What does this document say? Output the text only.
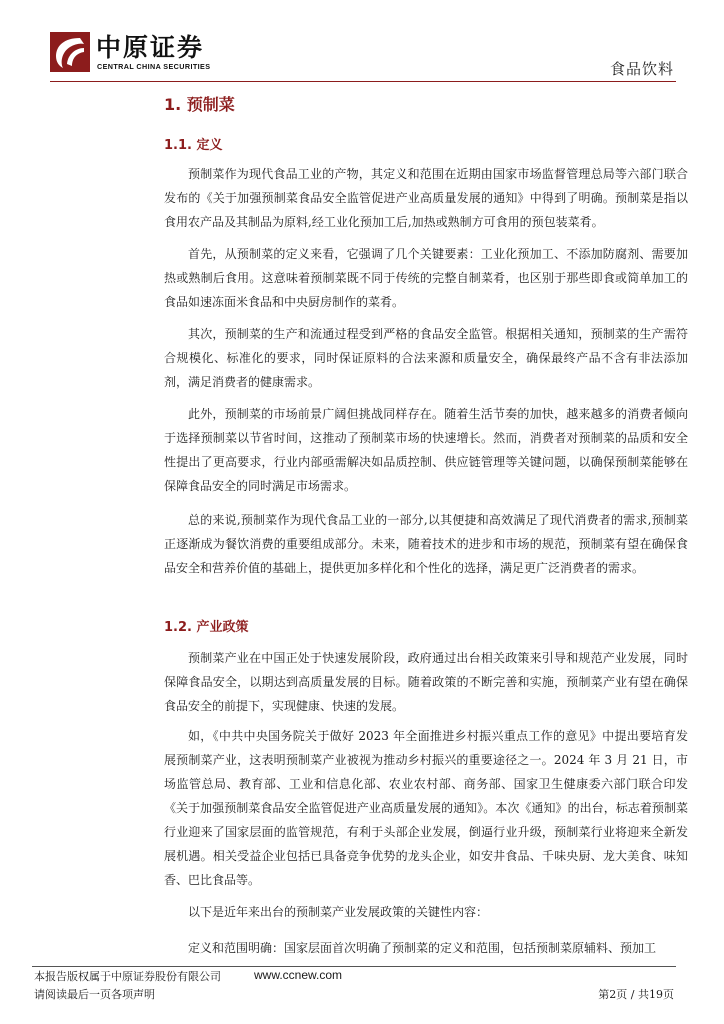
中原证券
CENTRAL CHINA SECURITIES	食品饮料
1. 预制菜
1.1. 定义

预制菜作为现代食品工业的产物，其定义和范围在近期由国家市场监督管理总局等六部门联合发布的《关于加强预制菜食品安全监管促进产业高质量发展的通知》中得到了明确。预制菜是指以食用农产品及其制品为原料,经工业化预加工后,加热或熟制方可食用的预包装菜肴。

首先，从预制菜的定义来看，它强调了几个关键要素：工业化预加工、不添加防腐剂、需要加热或熟制后食用。这意味着预制菜既不同于传统的完整自制菜肴，也区别于那些即食或简单加工的食品如速冻面米食品和中央厨房制作的菜肴。

其次，预制菜的生产和流通过程受到严格的食品安全监管。根据相关通知，预制菜的生产需符合规模化、标准化的要求，同时保证原料的合法来源和质量安全，确保最终产品不含有非法添加剂，满足消费者的健康需求。

此外，预制菜的市场前景广阔但挑战同样存在。随着生活节奏的加快，越来越多的消费者倾向于选择预制菜以节省时间，这推动了预制菜市场的快速增长。然而，消费者对预制菜的品质和安全性提出了更高要求，行业内部亟需解决如品质控制、供应链管理等关键问题，以确保预制菜能够在保障食品安全的同时满足市场需求。

总的来说,预制菜作为现代食品工业的一部分,以其便捷和高效满足了现代消费者的需求,预制菜正逐渐成为餐饮消费的重要组成部分。未来，随着技术的进步和市场的规范，预制菜有望在确保食品安全和营养价值的基础上，提供更加多样化和个性化的选择，满足更广泛消费者的需求。

1.2. 产业政策

预制菜产业在中国正处于快速发展阶段，政府通过出台相关政策来引导和规范产业发展，同时保障食品安全，以期达到高质量发展的目标。随着政策的不断完善和实施，预制菜产业有望在确保食品安全的前提下，实现健康、快速的发展。

如，《中共中央国务院关于做好 2023 年全面推进乡村振兴重点工作的意见》中提出要培育发展预制菜产业，这表明预制菜产业被视为推动乡村振兴的重要途径之一。2024 年 3 月 21 日，市场监管总局、教育部、工业和信息化部、农业农村部、商务部、国家卫生健康委六部门联合印发《关于加强预制菜食品安全监管促进产业高质量发展的通知》。本次《通知》的出台，标志着预制菜行业迎来了国家层面的监管规范，有利于头部企业发展，倒逼行业升级，预制菜行业将迎来全新发展机遇。相关受益企业包括已具备竞争优势的龙头企业，如安井食品、千味央厨、龙大美食、味知香、巴比食品等。

以下是近年来出台的预制菜产业发展政策的关键性内容：

定义和范围明确：国家层面首次明确了预制菜的定义和范围，包括预制菜原辅料、预加工

本报告版权属于中原证券股份有限公司	www.ccnew.com
请阅读最后一页各项声明	第2页 / 共19页
